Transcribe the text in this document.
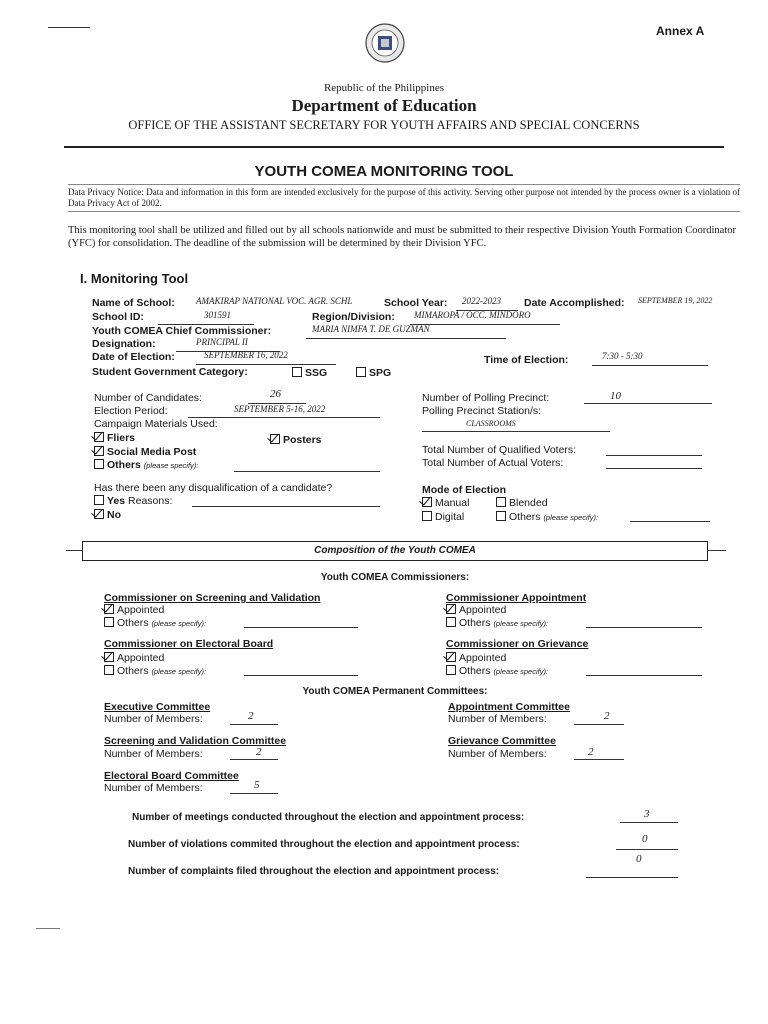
Annex A
Republic of the Philippines
Department of Education
OFFICE OF THE ASSISTANT SECRETARY FOR YOUTH AFFAIRS AND SPECIAL CONCERNS
YOUTH COMEA MONITORING TOOL
Data Privacy Notice: Data and information in this form are intended exclusively for the purpose of this activity. Serving other purpose not intended by the process owner is a violation of Data Privacy Act of 2002.
This monitoring tool shall be utilized and filled out by all schools nationwide and must be submitted to their respective Division Youth Formation Coordinator (YFC) for consolidation. The deadline of the submission will be determined by their Division YFC.
I. Monitoring Tool
Name of School: AMAKIRAP NATIONAL VOC. AGR. SCHL	School Year: 2022-2023 Date Accomplished: SEPTEMBER 19, 2022
School ID:	301591	Region/Division: MIMAROPA / OCC. MINDORO
Youth COMEA Chief Commissioner:	MARIA NIMFA T. DE GUZMAN
Designation:	PRINCIPAL II
Date of Election:	SEPTEMBER 16, 2022	Time of Election:	7:30 - 5:30
Student Government Category:	SSG	SPG
Number of Candidates:	26
Election Period:	SEPTEMBER 5-16, 2022
Campaign Materials Used:
Fliers	Posters
Social Media Post
Others (please specify):
Has there been any disqualification of a candidate?
Yes Reasons:
No
Number of Polling Precinct:	10
Polling Precinct Station/s:
CLASSROOMS
Total Number of Qualified Voters:
Total Number of Actual Voters:
Mode of Election
Manual	Blended
Digital	Others (please specify):
Composition of the Youth COMEA
Youth COMEA Commissioners:
Commissioner on Screening and Validation
Appointed
Others (please specify):
Commissioner Appointment
Appointed
Others (please specify):
Commissioner on Electoral Board
Appointed
Others (please specify):
Commissioner on Grievance
Appointed
Others (please specify):
Youth COMEA Permanent Committees:
Executive Committee
Number of Members:	2
Appointment Committee
Number of Members:	2
Screening and Validation Committee
Number of Members:	2
Grievance Committee
Number of Members:	2
Electoral Board Committee
Number of Members:	5
Number of meetings conducted throughout the election and appointment process:	3
Number of violations commited throughout the election and appointment process:	0
Number of complaints filed throughout the election and appointment process:
0
